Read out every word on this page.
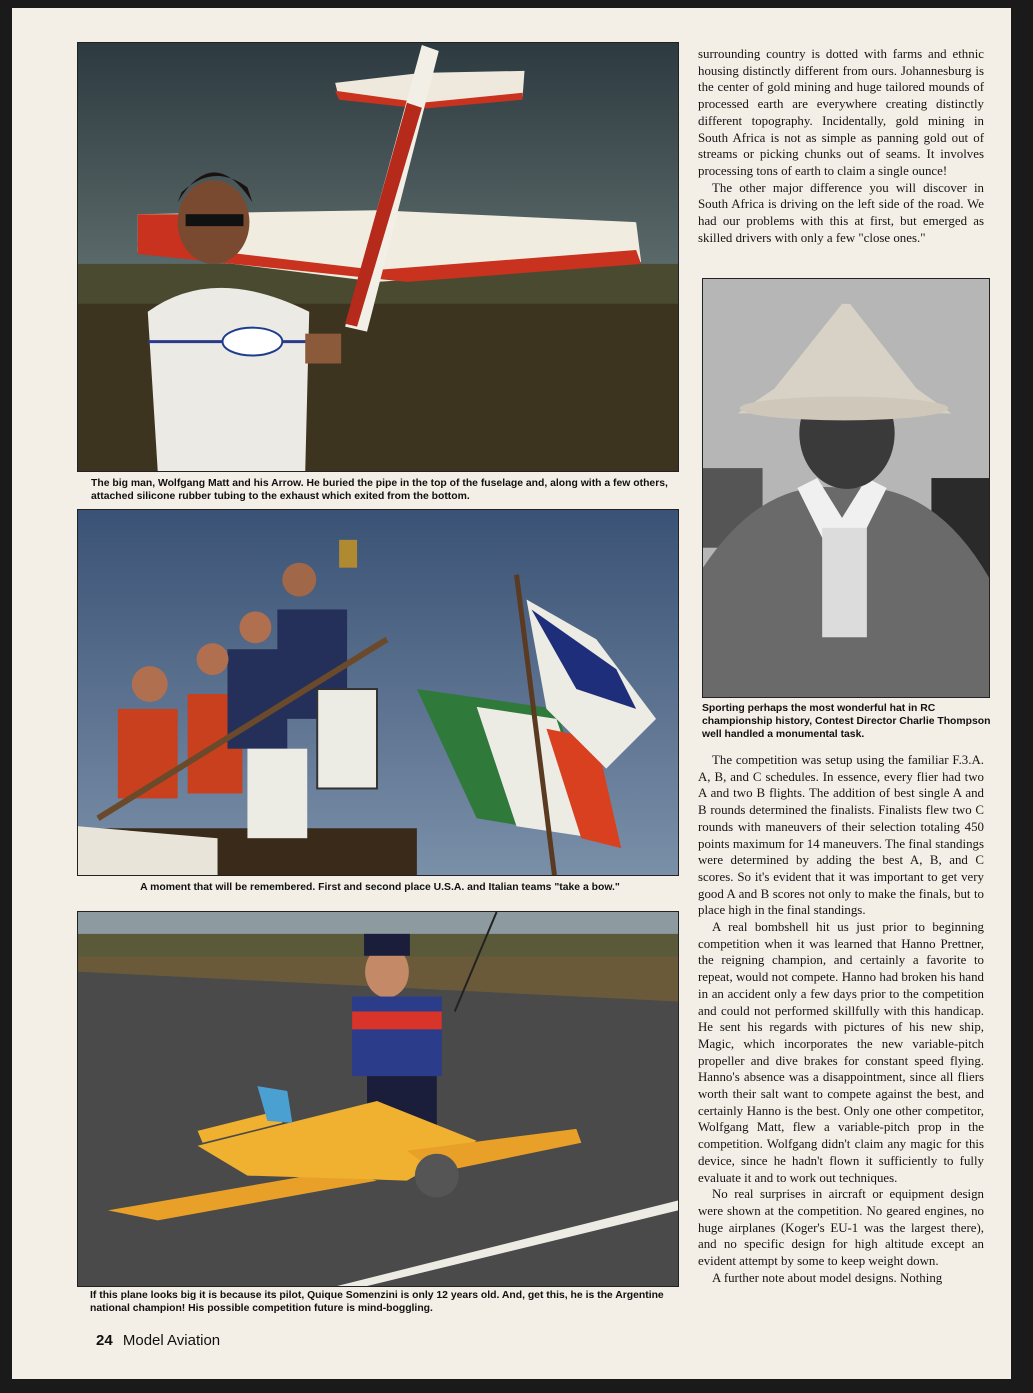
The big man, Wolfgang Matt and his Arrow. He buried the pipe in the top of the fuselage and, along with a few others, attached silicone rubber tubing to the exhaust which exited from the bottom.
A moment that will be remembered. First and second place U.S.A. and Italian teams "take a bow."
If this plane looks big it is because its pilot, Quique Somenzini is only 12 years old. And, get this, he is the Argentine national champion! His possible competition future is mind-boggling.

surrounding country is dotted with farms and ethnic housing distinctly different from ours. Johannesburg is the center of gold mining and huge tailored mounds of processed earth are everywhere creating distinctly different topography. Incidentally, gold mining in South Africa is not as simple as panning gold out of streams or picking chunks out of seams. It involves processing tons of earth to claim a single ounce!

The other major difference you will discover in South Africa is driving on the left side of the road. We had our problems with this at first, but emerged as skilled drivers with only a few "close ones."

Sporting perhaps the most wonderful hat in RC championship history, Contest Director Charlie Thompson well handled a monumental task.

The competition was setup using the familiar F.3.A. A, B, and C schedules. In essence, every flier had two A and two B flights. The addition of best single A and B rounds determined the finalists. Finalists flew two C rounds with maneuvers of their selection totaling 450 points maximum for 14 maneuvers. The final standings were determined by adding the best A, B, and C scores. So it's evident that it was important to get very good A and B scores not only to make the finals, but to place high in the final standings.

A real bombshell hit us just prior to beginning competition when it was learned that Hanno Prettner, the reigning champion, and certainly a favorite to repeat, would not compete. Hanno had broken his hand in an accident only a few days prior to the competition and could not performed skillfully with this handicap. He sent his regards with pictures of his new ship, Magic, which incorporates the new variable-pitch propeller and dive brakes for constant speed flying. Hanno's absence was a disappointment, since all fliers worth their salt want to compete against the best, and certainly Hanno is the best. Only one other competitor, Wolfgang Matt, flew a variable-pitch prop in the competition. Wolfgang didn't claim any magic for this device, since he hadn't flown it sufficiently to fully evaluate it and to work out techniques.

No real surprises in aircraft or equipment design were shown at the competition. No geared engines, no huge airplanes (Koger's EU-1 was the largest there), and no specific design for high altitude except an evident attempt by some to keep weight down.

A further note about model designs. Nothing

24 Model Aviation
